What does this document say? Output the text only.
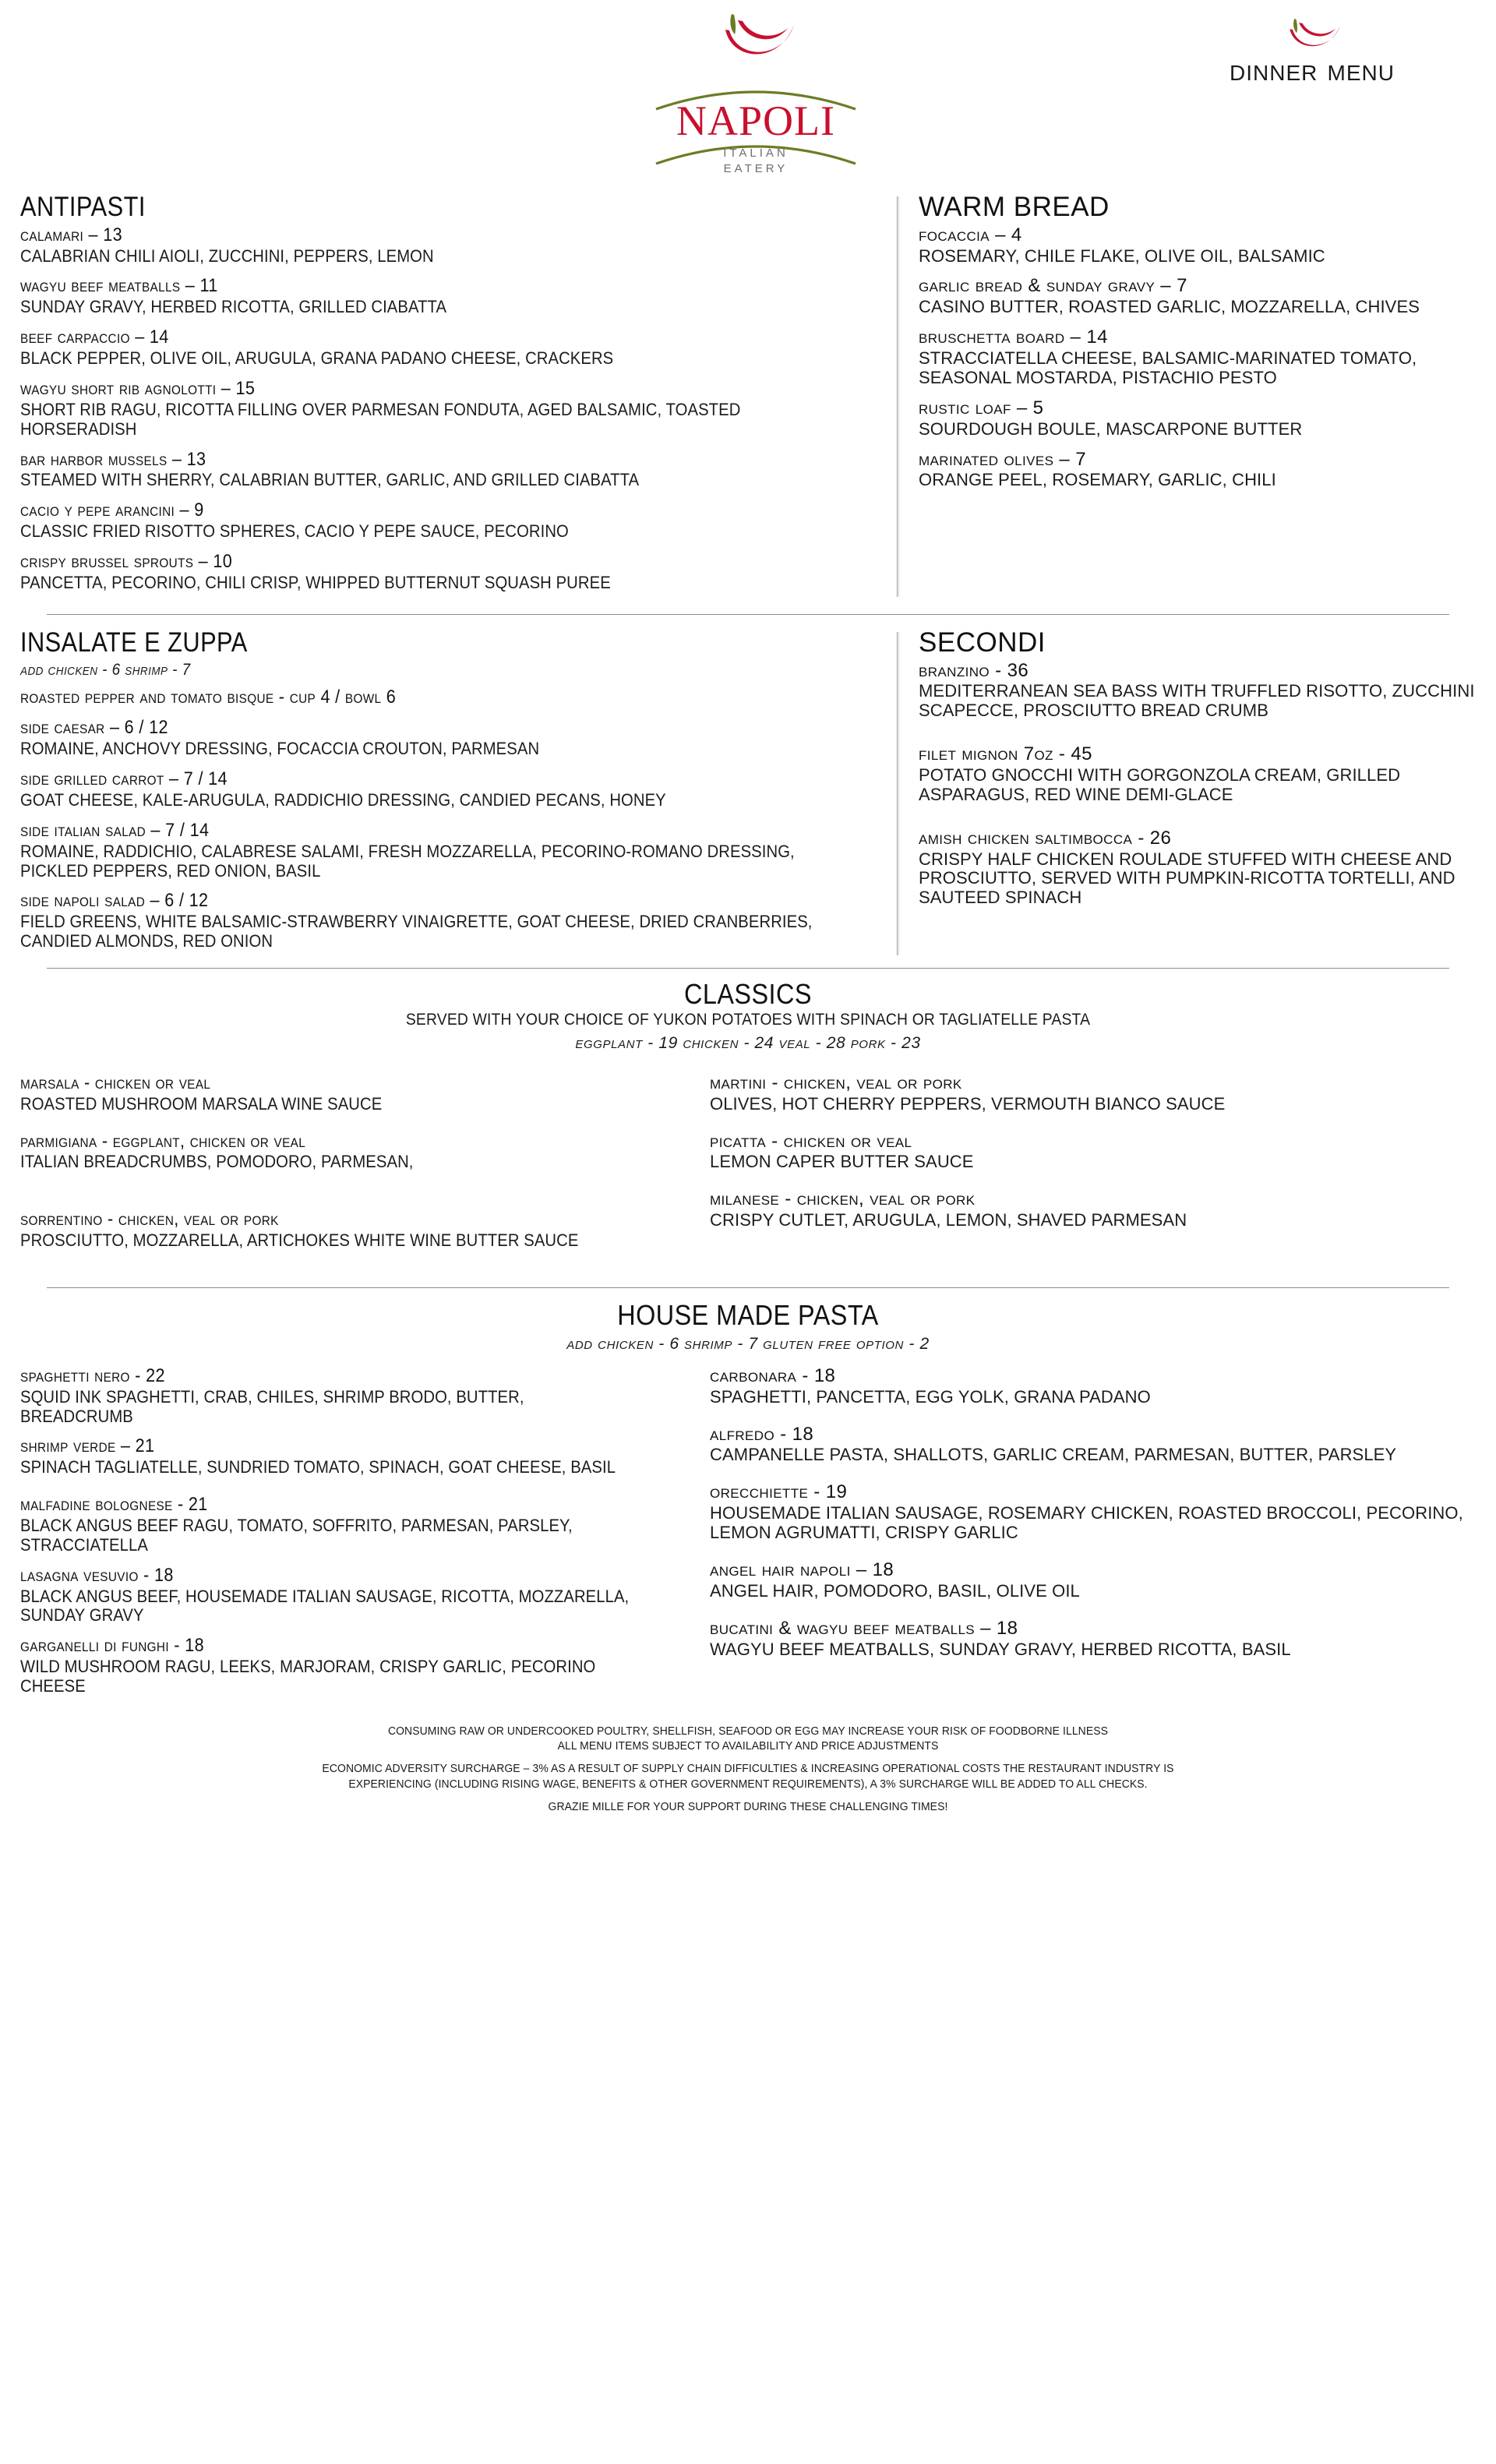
NAPOLI
ITALIAN
EATERY
dinner menu
ANTIPASTI
calamari – 13
CALABRIAN CHILI AIOLI, ZUCCHINI, PEPPERS, LEMON
wagyu beef meatballs – 11
SUNDAY GRAVY, HERBED RICOTTA, GRILLED CIABATTA
beef carpaccio – 14
BLACK PEPPER, OLIVE OIL, ARUGULA, GRANA PADANO CHEESE, CRACKERS
wagyu short rib agnolotti – 15
SHORT RIB RAGU, RICOTTA FILLING OVER PARMESAN FONDUTA, AGED BALSAMIC, TOASTED HORSERADISH
bar harbor mussels – 13
STEAMED WITH SHERRY, CALABRIAN BUTTER, GARLIC, AND GRILLED CIABATTA
cacio y pepe arancini – 9
CLASSIC FRIED RISOTTO SPHERES, CACIO Y PEPE SAUCE, PECORINO
crispy brussel sprouts – 10
PANCETTA, PECORINO, CHILI CRISP, WHIPPED BUTTERNUT SQUASH PUREE
WARM BREAD
focaccia – 4
ROSEMARY, CHILE FLAKE, OLIVE OIL, BALSAMIC
garlic bread & sunday gravy – 7
CASINO BUTTER, ROASTED GARLIC, MOZZARELLA, CHIVES
bruschetta board – 14
STRACCIATELLA CHEESE, BALSAMIC-MARINATED TOMATO, SEASONAL MOSTARDA, PISTACHIO PESTO
rustic loaf – 5
SOURDOUGH BOULE, MASCARPONE BUTTER
marinated olives – 7
ORANGE PEEL, ROSEMARY, GARLIC, CHILI
INSALATE E ZUPPA
add chicken - 6 shrimp - 7
roasted pepper and tomato bisque - cup 4 / bowl 6
side caesar – 6 / 12
ROMAINE, ANCHOVY DRESSING, FOCACCIA CROUTON, PARMESAN
side grilled carrot – 7 / 14
GOAT CHEESE, KALE-ARUGULA, RADDICHIO DRESSING, CANDIED PECANS, HONEY
side italian salad – 7 / 14
ROMAINE, RADDICHIO, CALABRESE SALAMI, FRESH MOZZARELLA, PECORINO-ROMANO DRESSING, PICKLED PEPPERS, RED ONION, BASIL
side napoli salad – 6 / 12
FIELD GREENS, WHITE BALSAMIC-STRAWBERRY VINAIGRETTE, GOAT CHEESE, DRIED CRANBERRIES, CANDIED ALMONDS, RED ONION
SECONDI
branzino - 36
MEDITERRANEAN SEA BASS WITH TRUFFLED RISOTTO, ZUCCHINI SCAPECCE, PROSCIUTTO BREAD CRUMB
filet mignon 7oz - 45
POTATO GNOCCHI WITH GORGONZOLA CREAM, GRILLED ASPARAGUS, RED WINE DEMI-GLACE
amish chicken saltimbocca - 26
CRISPY HALF CHICKEN ROULADE STUFFED WITH CHEESE AND PROSCIUTTO, SERVED WITH PUMPKIN-RICOTTA TORTELLI, AND SAUTEED SPINACH
CLASSICS
SERVED WITH YOUR CHOICE OF YUKON POTATOES WITH SPINACH OR TAGLIATELLE PASTA
eggplant - 19 chicken - 24 veal - 28 pork - 23
marsala - chicken or veal
ROASTED MUSHROOM MARSALA WINE SAUCE
parmigiana - eggplant, chicken or veal
ITALIAN BREADCRUMBS, POMODORO, PARMESAN,
sorrentino - chicken, veal or pork
PROSCIUTTO, MOZZARELLA, ARTICHOKES WHITE WINE BUTTER SAUCE
martini - chicken, veal or pork
OLIVES, HOT CHERRY PEPPERS, VERMOUTH BIANCO SAUCE
picatta - chicken or veal
LEMON CAPER BUTTER SAUCE
milanese - chicken, veal or pork
CRISPY CUTLET, ARUGULA, LEMON, SHAVED PARMESAN
HOUSE MADE PASTA
add chicken - 6 shrimp - 7 gluten free option - 2
spaghetti nero - 22
SQUID INK SPAGHETTI, CRAB, CHILES, SHRIMP BRODO, BUTTER, BREADCRUMB
shrimp verde – 21
SPINACH TAGLIATELLE, SUNDRIED TOMATO, SPINACH, GOAT CHEESE, BASIL
malfadine bolognese - 21
BLACK ANGUS BEEF RAGU, TOMATO, SOFFRITO, PARMESAN, PARSLEY, STRACCIATELLA
lasagna vesuvio - 18
BLACK ANGUS BEEF, HOUSEMADE ITALIAN SAUSAGE, RICOTTA, MOZZARELLA, SUNDAY GRAVY
garganelli di funghi - 18
WILD MUSHROOM RAGU, LEEKS, MARJORAM, CRISPY GARLIC, PECORINO CHEESE
carbonara - 18
SPAGHETTI, PANCETTA, EGG YOLK, GRANA PADANO
alfredo - 18
CAMPANELLE PASTA, SHALLOTS, GARLIC CREAM, PARMESAN, BUTTER, PARSLEY
orecchiette - 19
HOUSEMADE ITALIAN SAUSAGE, ROSEMARY CHICKEN, ROASTED BROCCOLI, PECORINO, LEMON AGRUMATTI, CRISPY GARLIC
angel hair napoli – 18
ANGEL HAIR, POMODORO, BASIL, OLIVE OIL
bucatini & wagyu beef meatballs – 18
WAGYU BEEF MEATBALLS, SUNDAY GRAVY, HERBED RICOTTA, BASIL

CONSUMING RAW OR UNDERCOOKED POULTRY, SHELLFISH, SEAFOOD OR EGG MAY INCREASE YOUR RISK OF FOODBORNE ILLNESS

ALL MENU ITEMS SUBJECT TO AVAILABILITY AND PRICE ADJUSTMENTS

ECONOMIC ADVERSITY SURCHARGE – 3% AS A RESULT OF SUPPLY CHAIN DIFFICULTIES & INCREASING OPERATIONAL COSTS THE RESTAURANT INDUSTRY IS

EXPERIENCING (INCLUDING RISING WAGE, BENEFITS & OTHER GOVERNMENT REQUIREMENTS), A 3% SURCHARGE WILL BE ADDED TO ALL CHECKS.

GRAZIE MILLE FOR YOUR SUPPORT DURING THESE CHALLENGING TIMES!
